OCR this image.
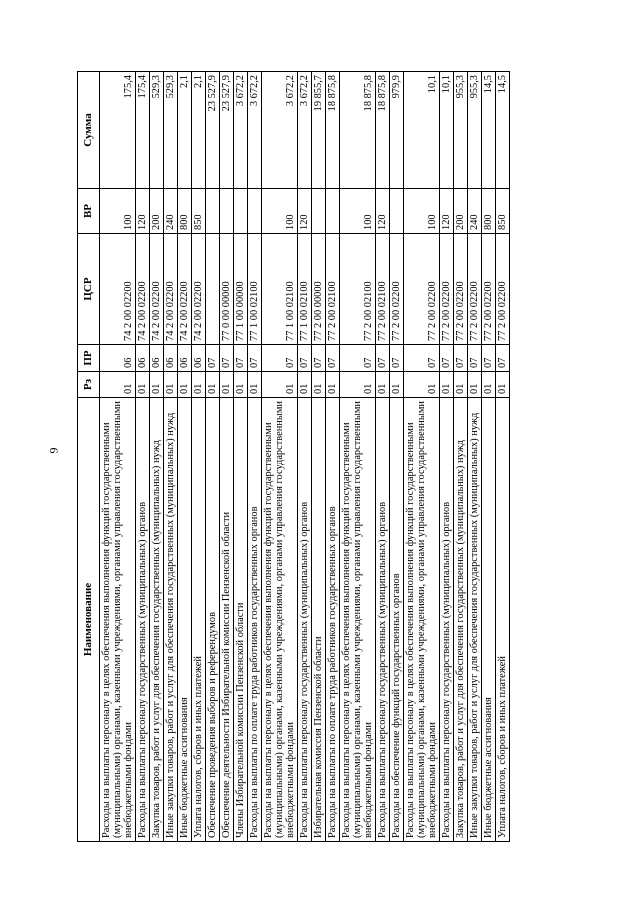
9
Наименование	Рз	ПР	ЦСР	ВР	Сумма
Расходы на выплаты персоналу в целях обеспечения выполнения функций государственными (муниципальными) органами, казенными учреждениями, органами управления государственными внебюджетными фондами	01	06	74 2 00 02200	100	175,4
Расходы на выплаты персоналу государственных (муниципальных) органов	01	06	74 2 00 02200	120	175,4
Закупка товаров, работ и услуг для обеспечения государственных (муниципальных) нужд	01	06	74 2 00 02200	200	529,3
Иные закупки товаров, работ и услуг для обеспечения государственных (муниципальных) нужд	01	06	74 2 00 02200	240	529,3
Иные бюджетные ассигнования	01	06	74 2 00 02200	800	2,1
Уплата налогов, сборов и иных платежей	01	06	74 2 00 02200	850	2,1
Обеспечение проведения выборов и референдумов	01	07			23 527,9
Обеспечение деятельности Избирательной комиссии Пензенской области	01	07	77 0 00 00000		23 527,9
Члены Избирательной комиссии Пензенской области	01	07	77 1 00 00000		3 672,2
Расходы на выплаты по оплате труда работников государственных органов	01	07	77 1 00 02100		3 672,2
Расходы на выплаты персоналу в целях обеспечения выполнения функций государственными (муниципальными) органами, казенными учреждениями, органами управления государственными внебюджетными фондами	01	07	77 1 00 02100	100	3 672,2
Расходы на выплаты персоналу государственных (муниципальных) органов	01	07	77 1 00 02100	120	3 672,2
Избирательная комиссия Пензенской области	01	07	77 2 00 00000		19 855,7
Расходы на выплаты по оплате труда работников государственных органов	01	07	77 2 00 02100		18 875,8
Расходы на выплаты персоналу в целях обеспечения выполнения функций государственными (муниципальными) органами, казенными учреждениями, органами управления государственными внебюджетными фондами	01	07	77 2 00 02100	100	18 875,8
Расходы на выплаты персоналу государственных (муниципальных) органов	01	07	77 2 00 02100	120	18 875,8
Расходы на обеспечение функций государственных органов	01	07	77 2 00 02200		979,9
Расходы на выплаты персоналу в целях обеспечения выполнения функций государственными (муниципальными) органами, казенными учреждениями, органами управления государственными внебюджетными фондами	01	07	77 2 00 02200	100	10,1
Расходы на выплаты персоналу государственных (муниципальных) органов	01	07	77 2 00 02200	120	10,1
Закупка товаров, работ и услуг для обеспечения государственных (муниципальных) нужд	01	07	77 2 00 02200	200	955,3
Иные закупки товаров, работ и услуг для обеспечения государственных (муниципальных) нужд	01	07	77 2 00 02200	240	955,3
Иные бюджетные ассигнования	01	07	77 2 00 02200	800	14,5
Уплата налогов, сборов и иных платежей	01	07	77 2 00 02200	850	14,5
